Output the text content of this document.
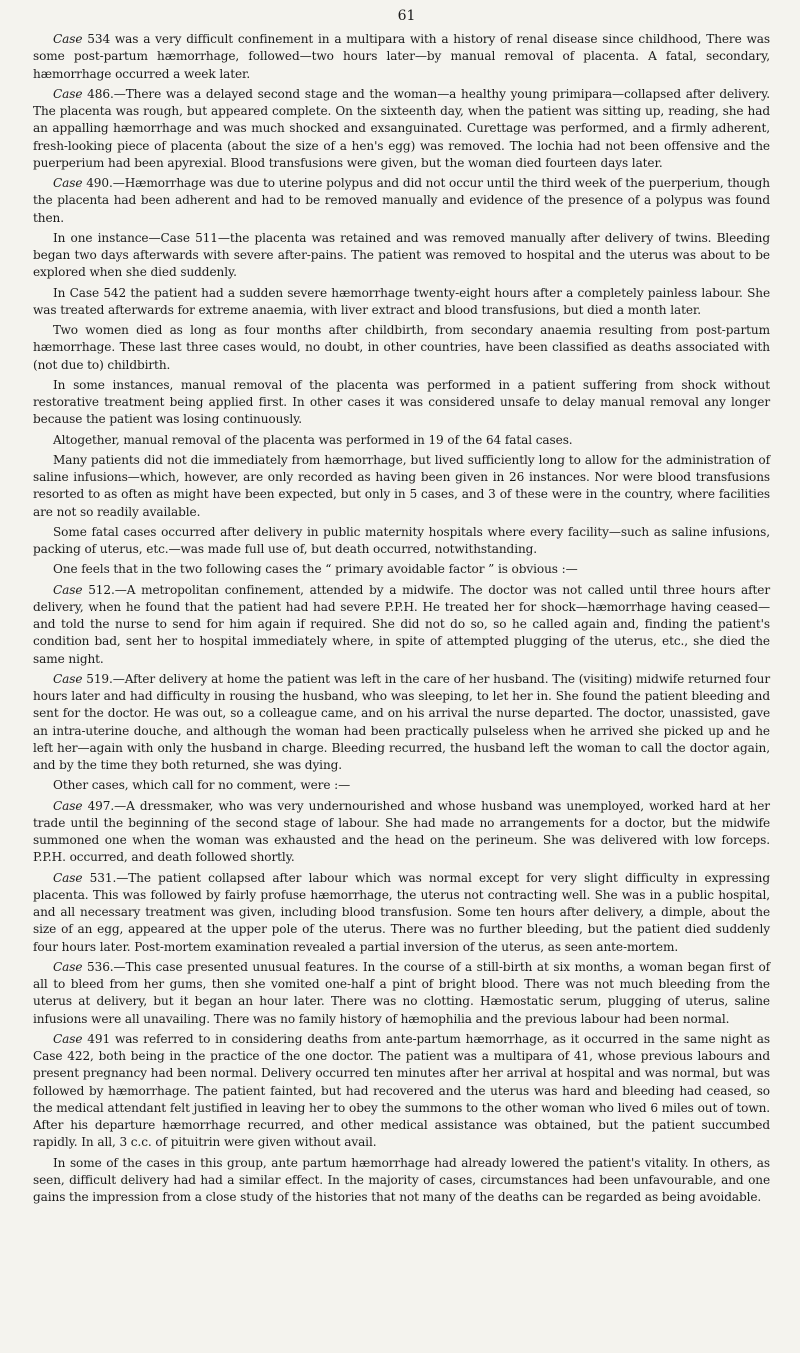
61

Case 534 was a very difficult confinement in a multipara with a history of renal disease since childhood, There was some post-partum hæmorrhage, followed—two hours later—by manual removal of placenta. A fatal, secondary, hæmorrhage occurred a week later.

Case 486.—There was a delayed second stage and the woman—a healthy young primipara—collapsed after delivery. The placenta was rough, but appeared complete. On the sixteenth day, when the patient was sitting up, reading, she had an appalling hæmorrhage and was much shocked and exsanguinated. Curettage was performed, and a firmly adherent, fresh-looking piece of placenta (about the size of a hen's egg) was removed. The lochia had not been offensive and the puerperium had been apyrexial. Blood transfusions were given, but the woman died fourteen days later.

Case 490.—Hæmorrhage was due to uterine polypus and did not occur until the third week of the puerperium, though the placenta had been adherent and had to be removed manually and evidence of the presence of a polypus was found then.

In one instance—Case 511—the placenta was retained and was removed manually after delivery of twins. Bleeding began two days afterwards with severe after-pains. The patient was removed to hospital and the uterus was about to be explored when she died suddenly.

In Case 542 the patient had a sudden severe hæmorrhage twenty-eight hours after a completely painless labour. She was treated afterwards for extreme anaemia, with liver extract and blood transfusions, but died a month later.

Two women died as long as four months after childbirth, from secondary anaemia resulting from post-partum hæmorrhage. These last three cases would, no doubt, in other countries, have been classified as deaths associated with (not due to) childbirth.

In some instances, manual removal of the placenta was performed in a patient suffering from shock without restorative treatment being applied first. In other cases it was considered unsafe to delay manual removal any longer because the patient was losing continuously.

Altogether, manual removal of the placenta was performed in 19 of the 64 fatal cases.

Many patients did not die immediately from hæmorrhage, but lived sufficiently long to allow for the administration of saline infusions—which, however, are only recorded as having been given in 26 instances. Nor were blood transfusions resorted to as often as might have been expected, but only in 5 cases, and 3 of these were in the country, where facilities are not so readily available.

Some fatal cases occurred after delivery in public maternity hospitals where every facility—such as saline infusions, packing of uterus, etc.—was made full use of, but death occurred, notwithstanding.

One feels that in the two following cases the “ primary avoidable factor ” is obvious :—

Case 512.—A metropolitan confinement, attended by a midwife. The doctor was not called until three hours after delivery, when he found that the patient had had severe P.P.H. He treated her for shock—hæmorrhage having ceased—and told the nurse to send for him again if required. She did not do so, so he called again and, finding the patient's condition bad, sent her to hospital immediately where, in spite of attempted plugging of the uterus, etc., she died the same night.

Case 519.—After delivery at home the patient was left in the care of her husband. The (visiting) midwife returned four hours later and had difficulty in rousing the husband, who was sleeping, to let her in. She found the patient bleeding and sent for the doctor. He was out, so a colleague came, and on his arrival the nurse departed. The doctor, unassisted, gave an intra-uterine douche, and although the woman had been practically pulseless when he arrived she picked up and he left her—again with only the husband in charge. Bleeding recurred, the husband left the woman to call the doctor again, and by the time they both returned, she was dying.

Other cases, which call for no comment, were :—

Case 497.—A dressmaker, who was very undernourished and whose husband was unemployed, worked hard at her trade until the beginning of the second stage of labour. She had made no arrangements for a doctor, but the midwife summoned one when the woman was exhausted and the head on the perineum. She was delivered with low forceps. P.P.H. occurred, and death followed shortly.

Case 531.—The patient collapsed after labour which was normal except for very slight difficulty in expressing placenta. This was followed by fairly profuse hæmorrhage, the uterus not contracting well. She was in a public hospital, and all necessary treatment was given, including blood transfusion. Some ten hours after delivery, a dimple, about the size of an egg, appeared at the upper pole of the uterus. There was no further bleeding, but the patient died suddenly four hours later. Post-mortem examination revealed a partial inversion of the uterus, as seen ante-mortem.

Case 536.—This case presented unusual features. In the course of a still-birth at six months, a woman began first of all to bleed from her gums, then she vomited one-half a pint of bright blood. There was not much bleeding from the uterus at delivery, but it began an hour later. There was no clotting. Hæmostatic serum, plugging of uterus, saline infusions were all unavailing. There was no family history of hæmophilia and the previous labour had been normal.

Case 491 was referred to in considering deaths from ante-partum hæmorrhage, as it occurred in the same night as Case 422, both being in the practice of the one doctor. The patient was a multipara of 41, whose previous labours and present pregnancy had been normal. Delivery occurred ten minutes after her arrival at hospital and was normal, but was followed by hæmorrhage. The patient fainted, but had recovered and the uterus was hard and bleeding had ceased, so the medical attendant felt justified in leaving her to obey the summons to the other woman who lived 6 miles out of town. After his departure hæmorrhage recurred, and other medical assistance was obtained, but the patient succumbed rapidly. In all, 3 c.c. of pituitrin were given without avail.

In some of the cases in this group, ante partum hæmorrhage had already lowered the patient's vitality. In others, as seen, difficult delivery had had a similar effect. In the majority of cases, circumstances had been unfavourable, and one gains the impression from a close study of the histories that not many of the deaths can be regarded as being avoidable.
